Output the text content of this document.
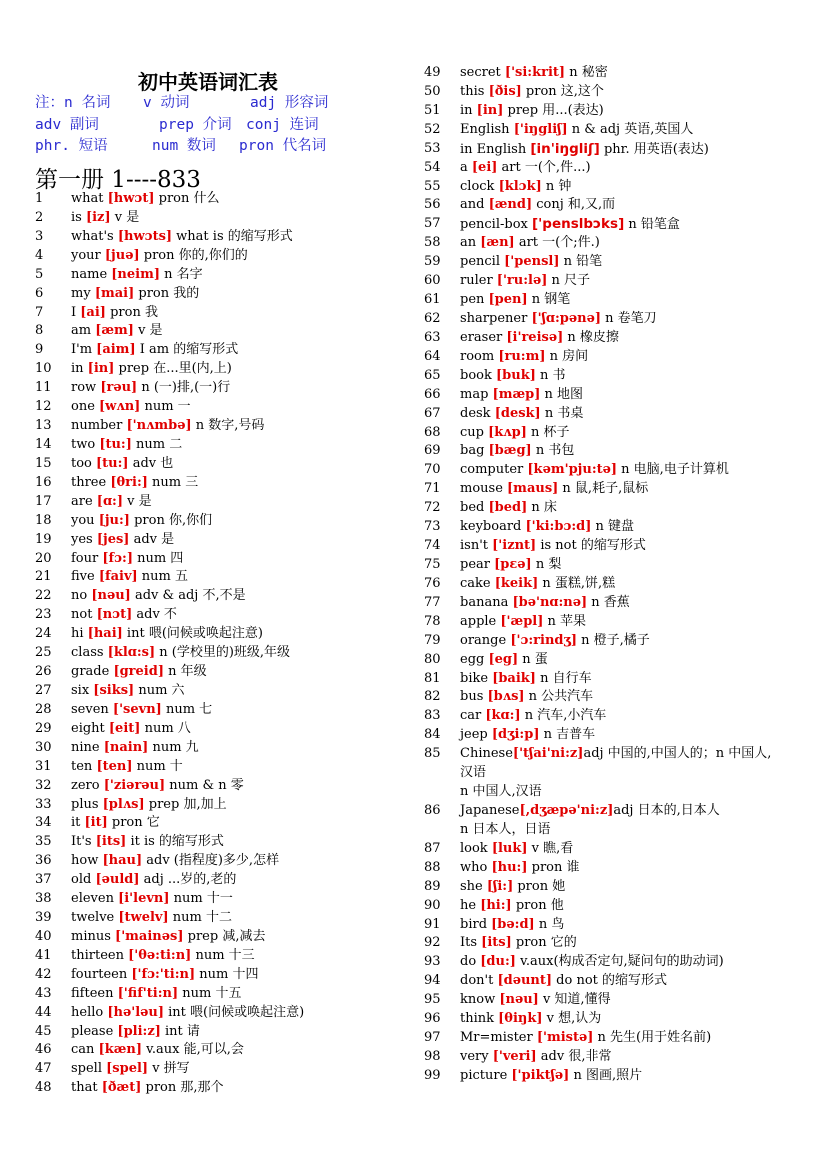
初中英语词汇表
注：n 名词 v 动词	adj 形容词
adv 副词	prep 介词 conj 连词
phr. 短语	num 数词 pron 代名词
第一册 1----833
1	what [hwɔt] pron 什么
2	is [iz] v 是
3	what's [hwɔts] what is 的缩写形式
4	your [juə] pron 你的,你们的
5	name [neim] n 名字
6	my [mai] pron 我的
7	I [ai] pron 我
8	am [æm] v 是
9	I'm [aim] I am 的缩写形式
10	in [in] prep 在...里(内,上)
11	row [rəu] n (一)排,(一)行
12	one [wʌn] num 一
13	number ['nʌmbə] n 数字,号码
14	two [tu:] num 二
15	too [tu:] adv 也
16	three [θri:] num 三
17	are [ɑ:] v 是
18	you [ju:] pron 你,你们
19	yes [jes] adv 是
20	four [fɔ:] num 四
21	five [faiv] num 五
22	no [nəu] adv & adj 不,不是
23	not [nɔt] adv 不
24	hi [hai] int 喂(问候或唤起注意)
25	class [klɑ:s] n (学校里的)班级,年级
26	grade [greid] n 年级
27	six [siks] num 六
28	seven ['sevn] num 七
29	eight [eit] num 八
30	nine [nain] num 九
31	ten [ten] num 十
32	zero ['ziərəu] num & n 零
33	plus [plʌs] prep 加,加上
34	it [it] pron 它
35	It's [its] it is 的缩写形式
36	how [hau] adv (指程度)多少,怎样
37	old [əuld] adj ...岁的,老的
38	eleven [i'levn] num 十一
39	twelve [twelv] num 十二
40	minus ['mainəs] prep 减,减去
41	thirteen ['θə:ti:n] num 十三
42	fourteen ['fɔ:'ti:n] num 十四
43	fifteen ['fif'ti:n] num 十五
44	hello [hə'ləu] int 喂(问候或唤起注意)
45	please [pli:z] int 请
46	can [kæn] v.aux 能,可以,会
47	spell [spel] v 拼写
48	that [ðæt] pron 那,那个
49	secret ['si:krit] n 秘密
50	this [ðis] pron 这,这个
51	in [in] prep 用...(表达)
52	English ['iŋgliʃ] n & adj 英语,英国人
53	in English [in'iŋgliʃ] phr. 用英语(表达)
54	a [ei] art 一(个,件...)
55	clock [klɔk] n 钟
56	and [ænd] conj 和,又,而
57	pencil-box ['penslbɔks] n 铅笔盒
58	an [æn] art 一(个;件.)
59	pencil ['pensl] n 铅笔
60	ruler ['ru:lə] n 尺子
61	pen [pen] n 钢笔
62	sharpener ['ʃɑ:pənə] n 卷笔刀
63	eraser [i'reisə] n 橡皮擦
64	room [ru:m] n 房间
65	book [buk] n 书
66	map [mæp] n 地图
67	desk [desk] n 书桌
68	cup [kʌp] n 杯子
69	bag [bæg] n 书包
70	computer [kəm'pju:tə] n 电脑,电子计算机
71	mouse [maus] n 鼠,耗子,鼠标
72	bed [bed] n 床
73	keyboard ['ki:bɔ:d] n 键盘
74	isn't ['iznt] is not 的缩写形式
75	pear [pɛə] n 梨
76	cake [keik] n 蛋糕,饼,糕
77	banana [bə'nɑ:nə] n 香蕉
78	apple ['æpl] n 苹果
79	orange ['ɔ:rindʒ] n 橙子,橘子
80	egg [eg] n 蛋
81	bike [baik] n 自行车
82	bus [bʌs] n 公共汽车
83	car [kɑ:] n 汽车,小汽车
84	jeep [dʒi:p] n 吉普车
85	Chinese['tʃai'ni:z]adj 中国的,中国人的；n 中国人,
汉语
n 中国人,汉语
86	Japanese[,dʒæpə'ni:z]adj 日本的,日本人
n 日本人，日语
87	look [luk] v 瞧,看
88	who [hu:] pron 谁
89	she [ʃi:] pron 她
90	he [hi:] pron 他
91	bird [bə:d] n 鸟
92	Its [its] pron 它的
93	do [du:] v.aux(构成否定句,疑问句的助动词)
94	don't [dəunt] do not 的缩写形式
95	know [nəu] v 知道,懂得
96	think [θiŋk] v 想,认为
97	Mr=mister ['mistə] n 先生(用于姓名前)
98	very ['veri] adv 很,非常
99	picture ['piktʃə] n 图画,照片
